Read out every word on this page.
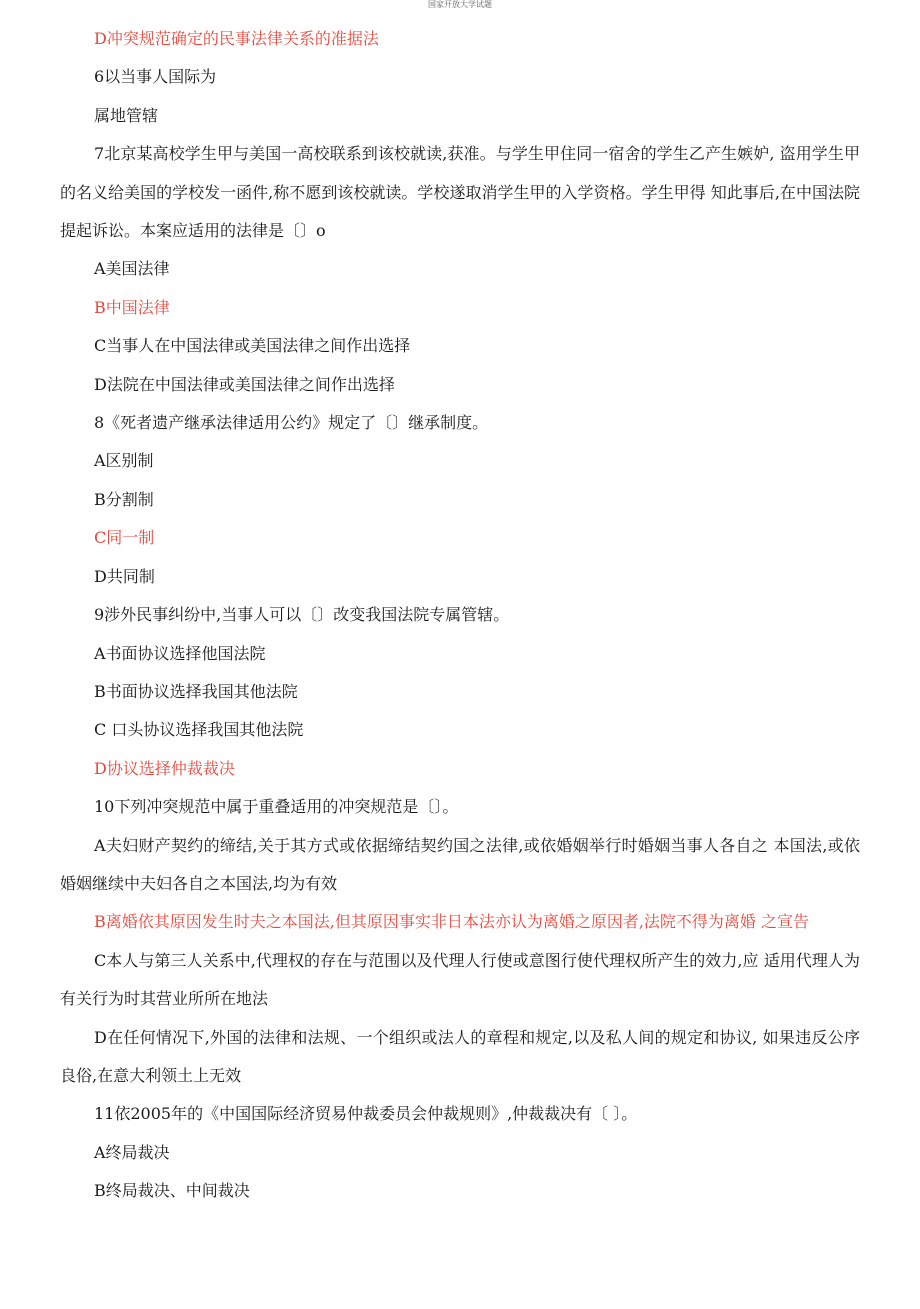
国家开放大学试题
D冲突规范确定的民事法律关系的准据法
6以当事人国际为
属地管辖
7北京某高校学生甲与美国一高校联系到该校就读,获准。与学生甲住同一宿舍的学生乙产生嫉妒, 盗用学生甲的名义给美国的学校发一函件,称不愿到该校就读。学校遂取消学生甲的入学资格。学生甲得 知此事后,在中国法院提起诉讼。本案应适用的法律是〔〕o
A美国法律
B中国法律
C当事人在中国法律或美国法律之间作出选择
D法院在中国法律或美国法律之间作出选择
8《死者遗产继承法律适用公约》规定了〔〕继承制度。
A区别制
B分割制
C同一制
D共同制
9涉外民事纠纷中,当事人可以〔〕改变我国法院专属管辖。
A书面协议选择他国法院
B书面协议选择我国其他法院
C 口头协议选择我国其他法院
D协议选择仲裁裁决
10下列冲突规范中属于重叠适用的冲突规范是〔〕。
A夫妇财产契约的缔结,关于其方式或依据缔结契约国之法律,或依婚姻举行时婚姻当事人各自之 本国法,或依婚姻继续中夫妇各自之本国法,均为有效
B离婚依其原因发生时夫之本国法,但其原因事实非日本法亦认为离婚之原因者,法院不得为离婚 之宣告
C本人与第三人关系中,代理权的存在与范围以及代理人行使或意图行使代理权所产生的效力,应 适用代理人为有关行为时其营业所所在地法
D在任何情况下,外国的法律和法规、一个组织或法人的章程和规定,以及私人间的规定和协议, 如果违反公序良俗,在意大利领土上无效
11依2005年的《中国国际经济贸易仲裁委员会仲裁规则》,仲裁裁决有〔 〕。
A终局裁决
B终局裁决、中间裁决
